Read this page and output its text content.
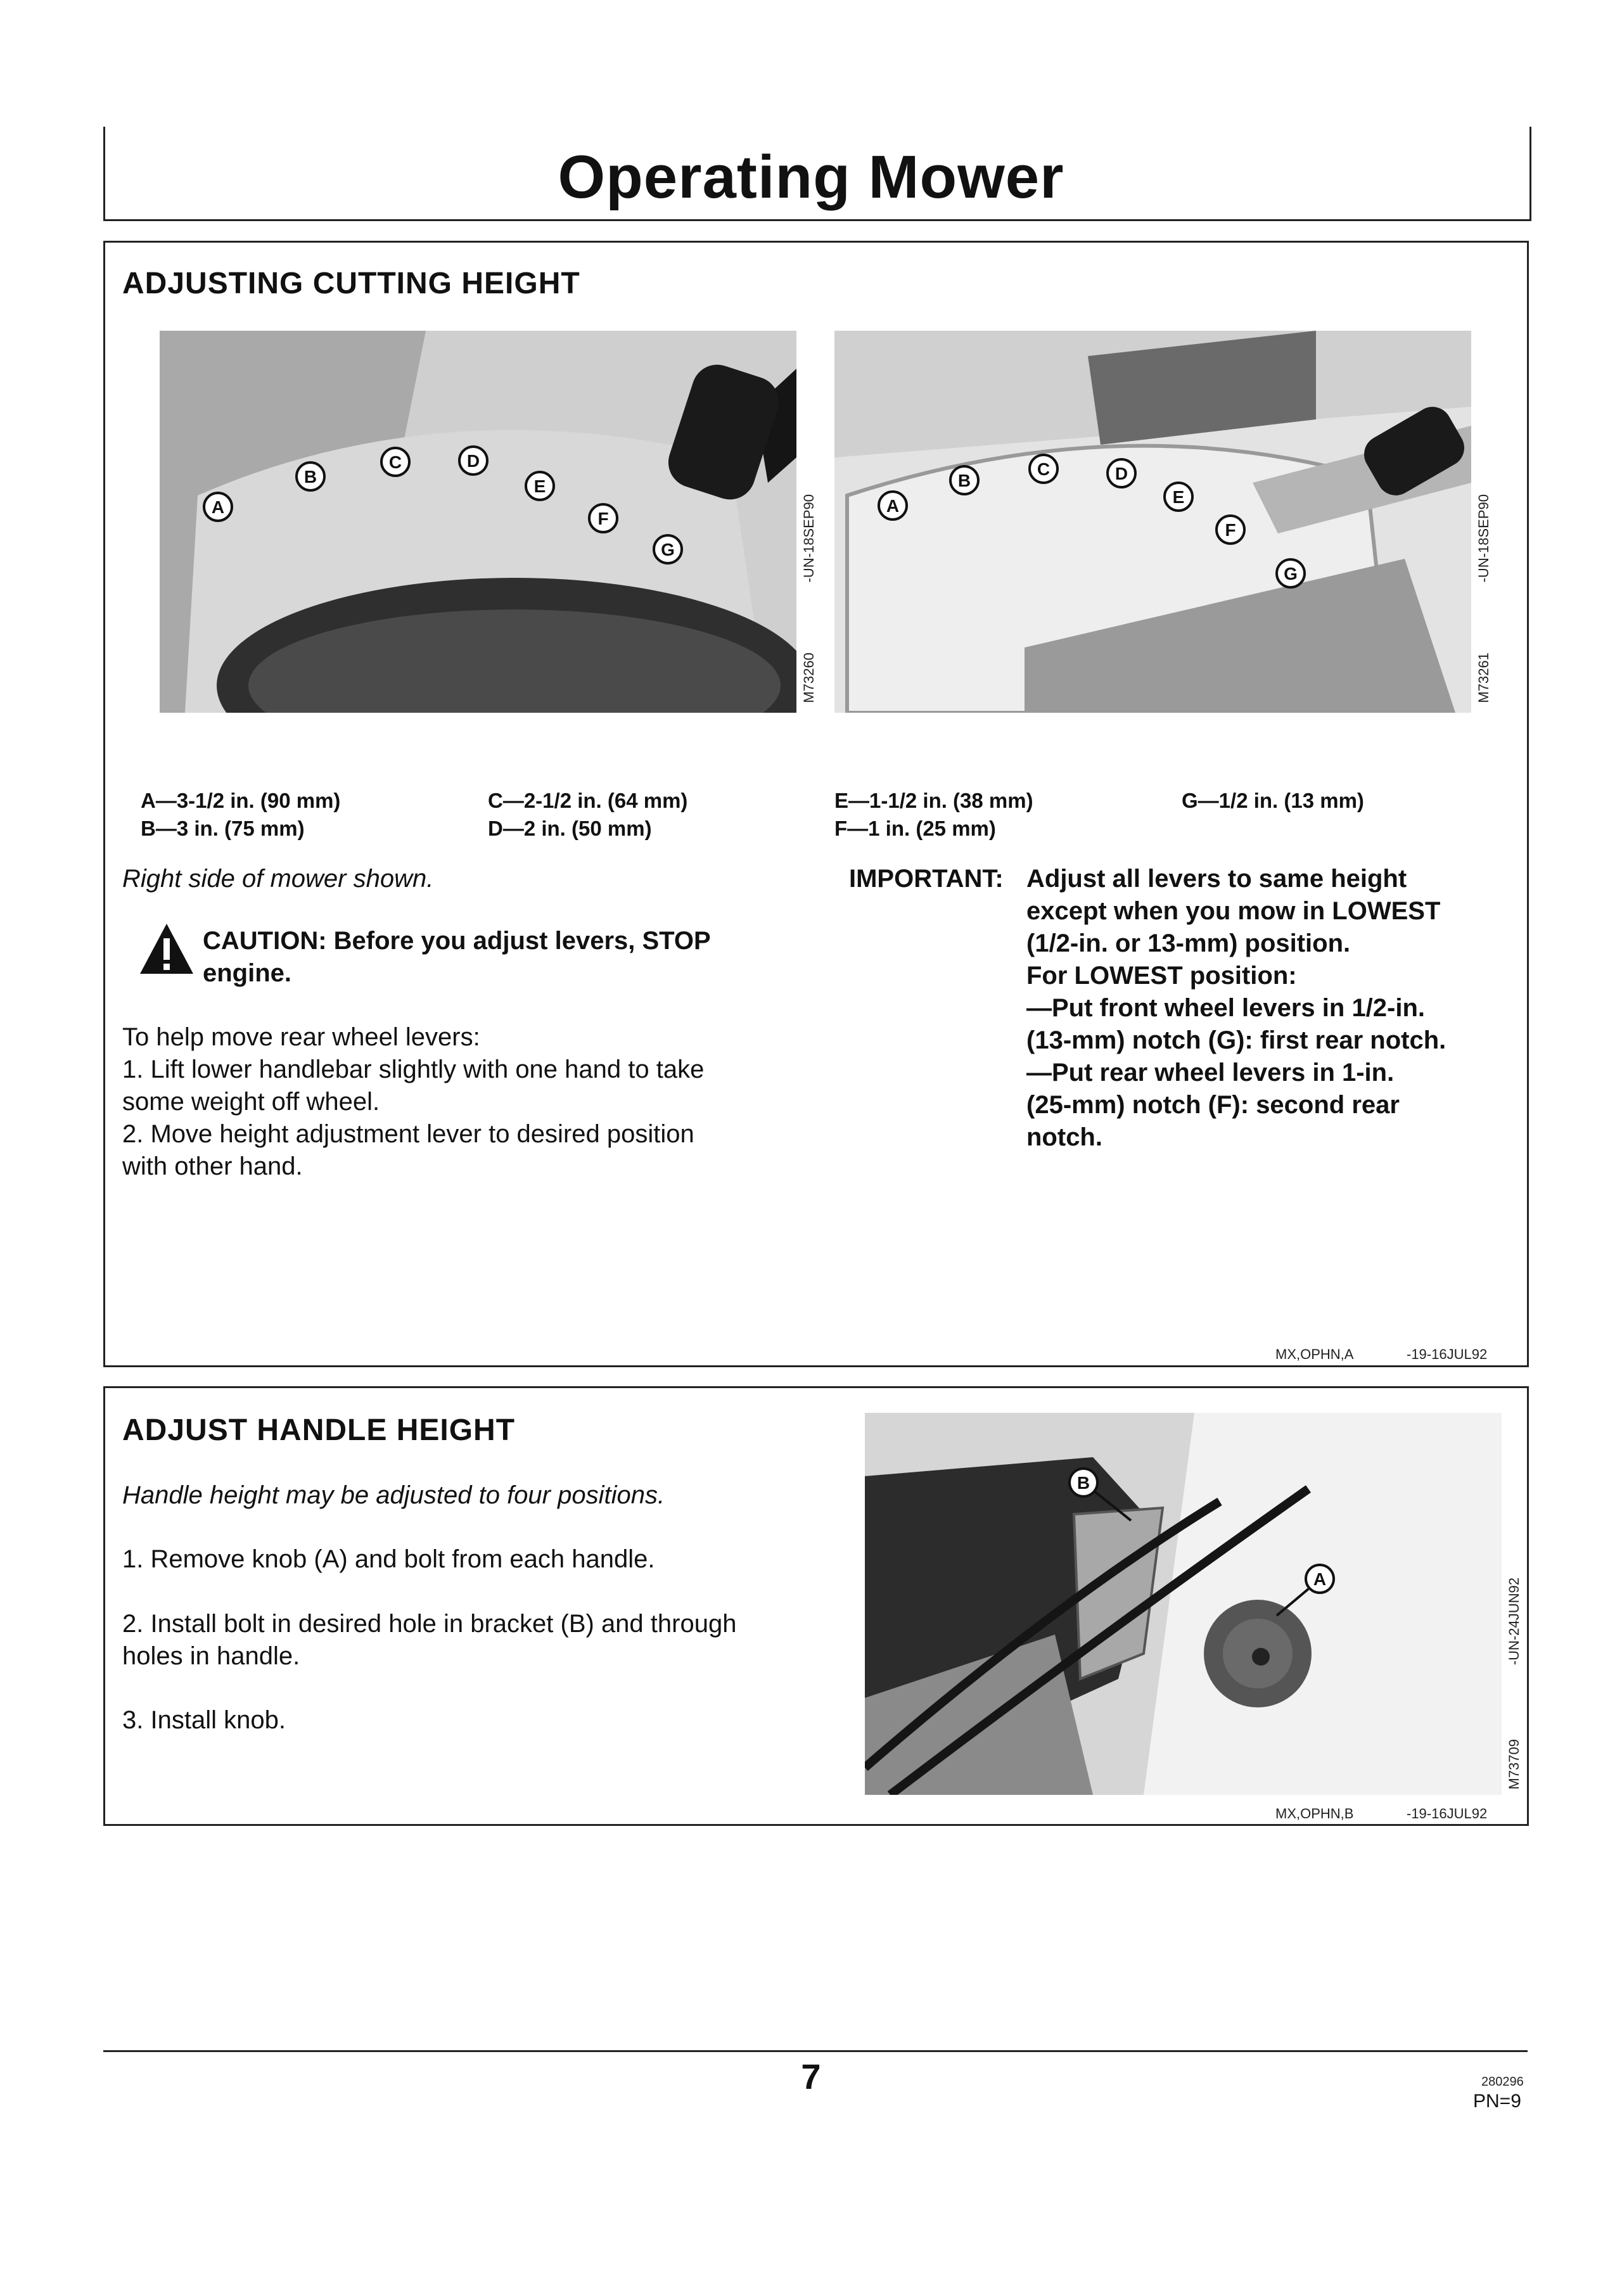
Operating Mower
ADJUSTING CUTTING HEIGHT
A
B
C	D
E
F
G	-UN-18SEP90
M73260
A
B
C	D
E
F
G	-UN-18SEP90
M73261
A—3-1/2 in. (90 mm)
B—3 in. (75 mm)
C—2-1/2 in. (64 mm)
D—2 in. (50 mm)
E—1-1/2 in. (38 mm)
F—1 in. (25 mm)
G—1/2 in. (13 mm)
Right side of mower shown.
CAUTION: Before you adjust levers, STOP
engine.
To help move rear wheel levers:
1. Lift lower handlebar slightly with one hand to take
some weight off wheel.
2. Move height adjustment lever to desired position
with other hand.
IMPORTANT: Adjust all levers to same height
except when you mow in LOWEST
(1/2-in. or 13-mm) position.
For LOWEST position:
—Put front wheel levers in 1/2-in.
(13-mm) notch (G): first rear notch.
—Put rear wheel levers in 1-in.
(25-mm) notch (F): second rear
notch.
MX,OPHN,A	-19-16JUL92
ADJUST HANDLE HEIGHT
Handle height may be adjusted to four positions.
1. Remove knob (A) and bolt from each handle.
2. Install bolt in desired hole in bracket (B) and through
holes in handle.
3. Install knob.
B
A	-UN-24JUN92
M73709
MX,OPHN,B	-19-16JUL92
7	280296
PN=9
